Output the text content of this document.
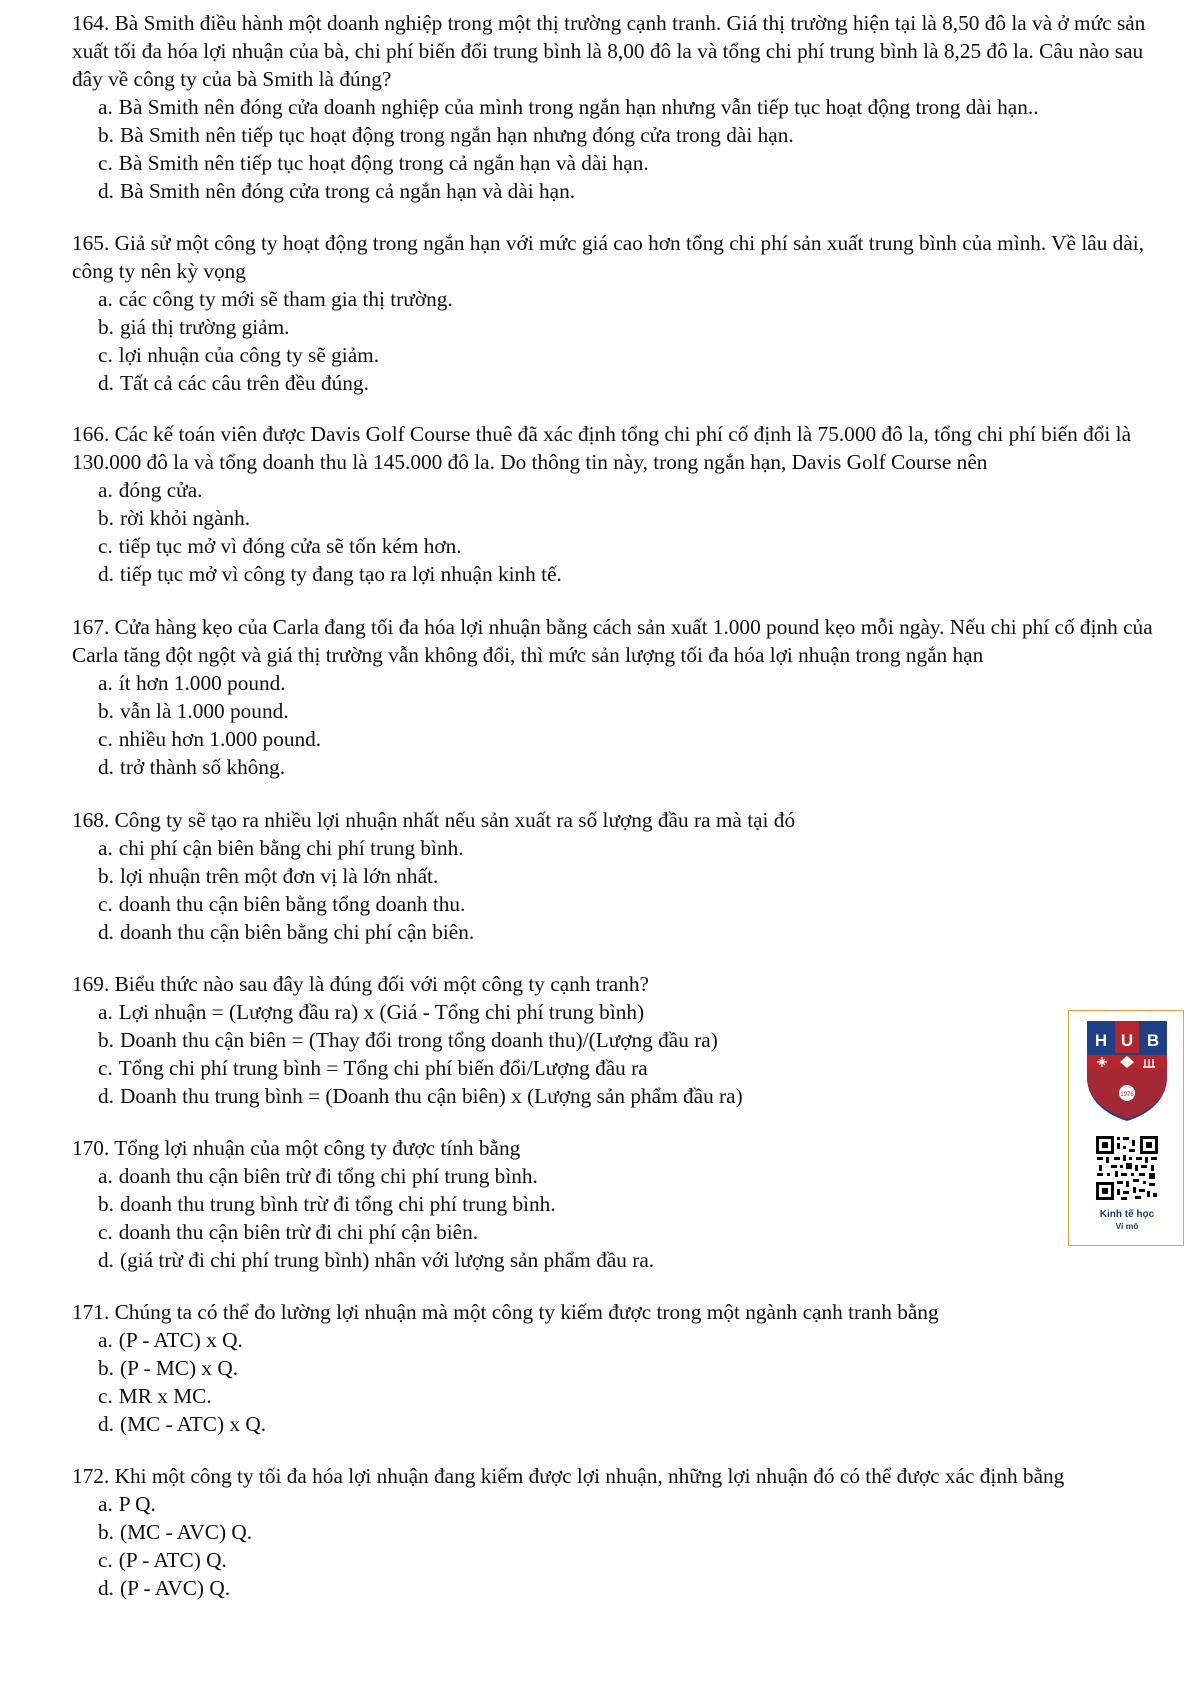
164. Bà Smith điều hành một doanh nghiệp trong một thị trường cạnh tranh. Giá thị trường hiện tại là 8,50 đô la và ở mức sản xuất tối đa hóa lợi nhuận của bà, chi phí biến đổi trung bình là 8,00 đô la và tổng chi phí trung bình là 8,25 đô la. Câu nào sau đây về công ty của bà Smith là đúng?
a. Bà Smith nên đóng cửa doanh nghiệp của mình trong ngắn hạn nhưng vẫn tiếp tục hoạt động trong dài hạn..
b. Bà Smith nên tiếp tục hoạt động trong ngắn hạn nhưng đóng cửa trong dài hạn.
c. Bà Smith nên tiếp tục hoạt động trong cả ngắn hạn và dài hạn.
d. Bà Smith nên đóng cửa trong cả ngắn hạn và dài hạn.
165. Giả sử một công ty hoạt động trong ngắn hạn với mức giá cao hơn tổng chi phí sản xuất trung bình của mình. Về lâu dài, công ty nên kỳ vọng
a. các công ty mới sẽ tham gia thị trường.
b. giá thị trường giảm.
c. lợi nhuận của công ty sẽ giảm.
d. Tất cả các câu trên đều đúng.
166. Các kế toán viên được Davis Golf Course thuê đã xác định tổng chi phí cố định là 75.000 đô la, tổng chi phí biến đổi là 130.000 đô la và tổng doanh thu là 145.000 đô la. Do thông tin này, trong ngắn hạn, Davis Golf Course nên
a. đóng cửa.
b. rời khỏi ngành.
c. tiếp tục mở vì đóng cửa sẽ tốn kém hơn.
d. tiếp tục mở vì công ty đang tạo ra lợi nhuận kinh tế.
167. Cửa hàng kẹo của Carla đang tối đa hóa lợi nhuận bằng cách sản xuất 1.000 pound kẹo mỗi ngày. Nếu chi phí cố định của Carla tăng đột ngột và giá thị trường vẫn không đổi, thì mức sản lượng tối đa hóa lợi nhuận trong ngắn hạn
a. ít hơn 1.000 pound.
b. vẫn là 1.000 pound.
c. nhiều hơn 1.000 pound.
d. trở thành số không.
168. Công ty sẽ tạo ra nhiều lợi nhuận nhất nếu sản xuất ra số lượng đầu ra mà tại đó
a. chi phí cận biên bằng chi phí trung bình.
b. lợi nhuận trên một đơn vị là lớn nhất.
c. doanh thu cận biên bằng tổng doanh thu.
d. doanh thu cận biên bằng chi phí cận biên.
169. Biểu thức nào sau đây là đúng đối với một công ty cạnh tranh?
a. Lợi nhuận = (Lượng đầu ra) x (Giá - Tổng chi phí trung bình)
b. Doanh thu cận biên = (Thay đổi trong tổng doanh thu)/(Lượng đầu ra)
c. Tổng chi phí trung bình = Tổng chi phí biến đổi/Lượng đầu ra
d. Doanh thu trung bình = (Doanh thu cận biên) x (Lượng sản phẩm đầu ra)
170. Tổng lợi nhuận của một công ty được tính bằng
a. doanh thu cận biên trừ đi tổng chi phí trung bình.
b. doanh thu trung bình trừ đi tổng chi phí trung bình.
c. doanh thu cận biên trừ đi chi phí cận biên.
d. (giá trừ đi chi phí trung bình) nhân với lượng sản phẩm đầu ra.
171. Chúng ta có thể đo lường lợi nhuận mà một công ty kiếm được trong một ngành cạnh tranh bằng
a. (P - ATC) x Q.
b. (P - MC) x Q.
c. MR x MC.
d. (MC - ATC) x Q.
172. Khi một công ty tối đa hóa lợi nhuận đang kiếm được lợi nhuận, những lợi nhuận đó có thể được xác định bằng
a. P Q.
b. (MC - AVC) Q.
c. (P - ATC) Q.
d. (P - AVC) Q.
H U B
1976
Kinh tế học
Vi mô
